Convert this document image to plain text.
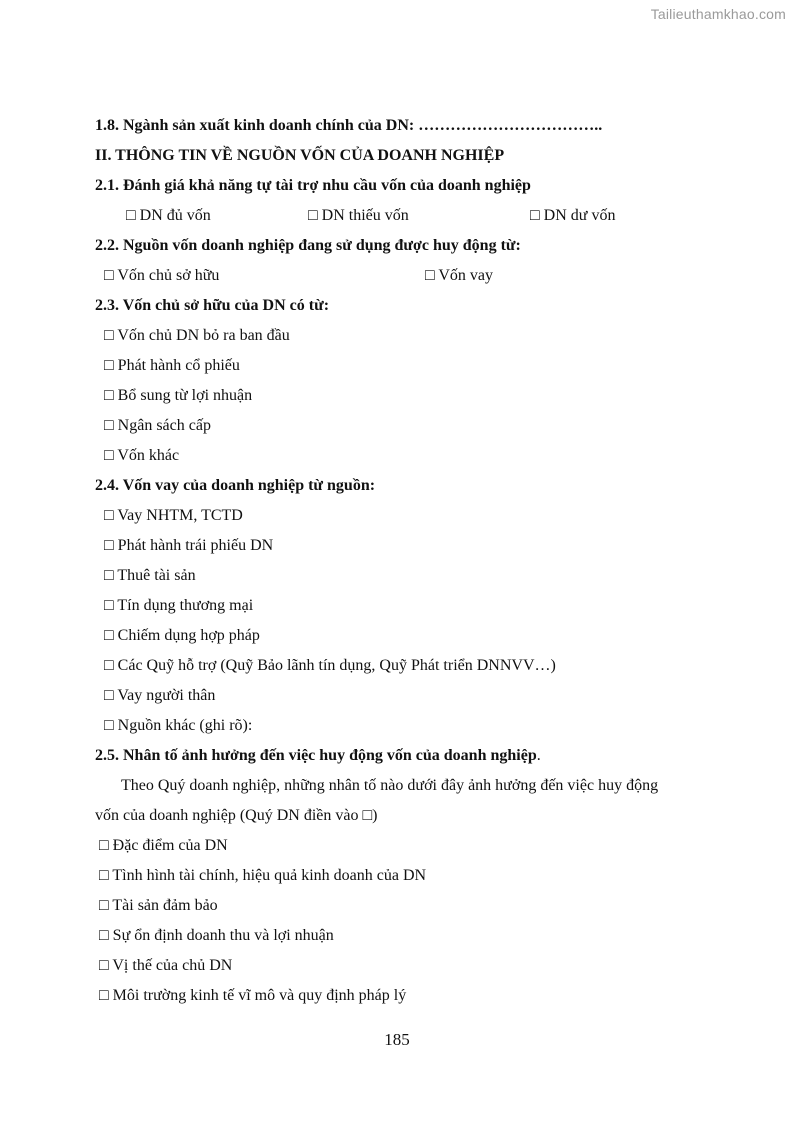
Tailieuthamkhao.com
1.8. Ngành sản xuất kinh doanh chính của DN: ……………………………..
II. THÔNG TIN VỀ NGUỒN VỐN CỦA DOANH NGHIỆP
2.1. Đánh giá khả năng tự tài trợ nhu cầu vốn của doanh nghiệp
□ DN đủ vốn	□ DN thiếu vốn	□ DN dư vốn
2.2. Nguồn vốn doanh nghiệp đang sử dụng được huy động từ:
□ Vốn chủ sở hữu	□ Vốn vay
2.3. Vốn chủ sở hữu của DN có từ:
□ Vốn chủ DN bỏ ra ban đầu
□ Phát hành cổ phiếu
□ Bổ sung từ lợi nhuận
□ Ngân sách cấp
□ Vốn khác
2.4. Vốn vay của doanh nghiệp từ nguồn:
□ Vay NHTM, TCTD
□ Phát hành trái phiếu DN
□ Thuê tài sản
□ Tín dụng thương mại
□ Chiếm dụng hợp pháp
□ Các Quỹ hỗ trợ (Quỹ Bảo lãnh tín dụng, Quỹ Phát triển DNNVV…)
□ Vay người thân
□ Nguồn khác (ghi rõ):
2.5. Nhân tố ảnh hưởng đến việc huy động vốn của doanh nghiệp.
Theo Quý doanh nghiệp, những nhân tố nào dưới đây ảnh hưởng đến việc huy động
vốn của doanh nghiệp (Quý DN điền vào □)
□ Đặc điểm của DN
□ Tình hình tài chính, hiệu quả kinh doanh của DN
□ Tài sản đảm bảo
□ Sự ổn định doanh thu và lợi nhuận
□ Vị thế của chủ DN
□ Môi trường kinh tế vĩ mô và quy định pháp lý
185
